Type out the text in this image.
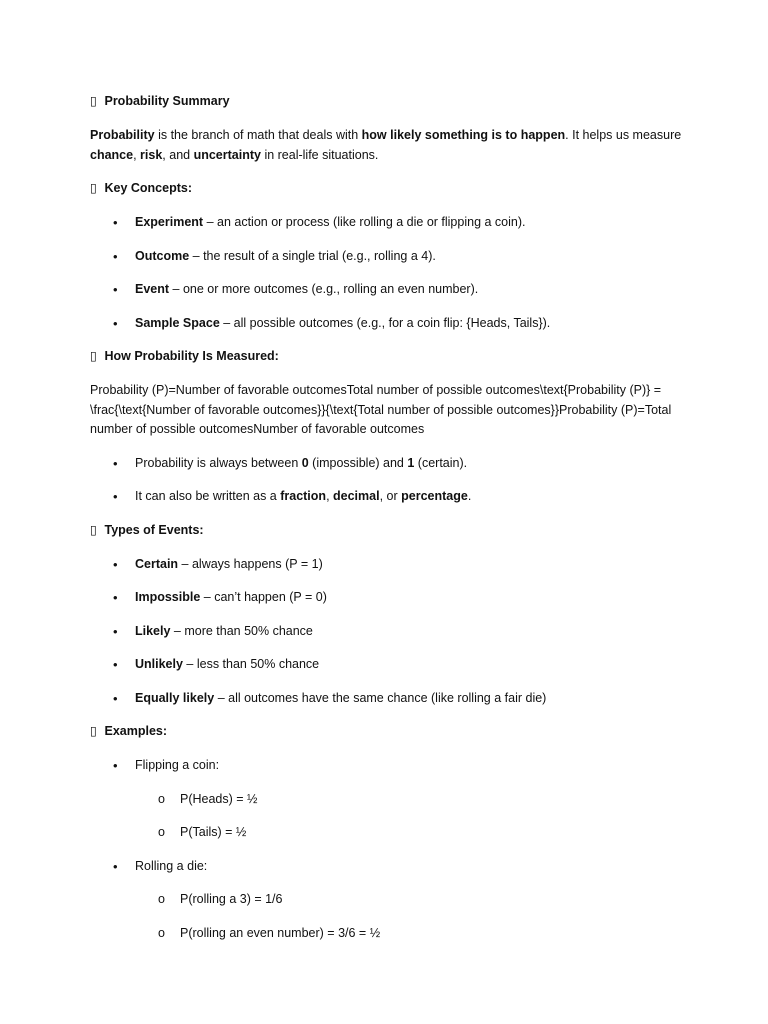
▯ Probability Summary

Probability is the branch of math that deals with how likely something is to happen. It helps us measure chance, risk, and uncertainty in real-life situations.

▯ Key Concepts:
• Experiment – an action or process (like rolling a die or flipping a coin).
• Outcome – the result of a single trial (e.g., rolling a 4).
• Event – one or more outcomes (e.g., rolling an even number).
• Sample Space – all possible outcomes (e.g., for a coin flip: {Heads, Tails}).
▯ How Probability Is Measured:

Probability (P)=Number of favorable outcomesTotal number of possible outcomes\text{Probability (P)} = \frac{\text{Number of favorable outcomes}}{\text{Total number of possible outcomes}}Probability (P)=Total number of possible outcomesNumber of favorable outcomes

• Probability is always between 0 (impossible) and 1 (certain).
• It can also be written as a fraction, decimal, or percentage.
▯ Types of Events:
• Certain – always happens (P = 1)
• Impossible – can’t happen (P = 0)
• Likely – more than 50% chance
• Unlikely – less than 50% chance
• Equally likely – all outcomes have the same chance (like rolling a fair die)
▯ Examples:
• Flipping a coin:
o P(Heads) = ½
o P(Tails) = ½
• Rolling a die:
o P(rolling a 3) = 1/6
o P(rolling an even number) = 3/6 = ½
